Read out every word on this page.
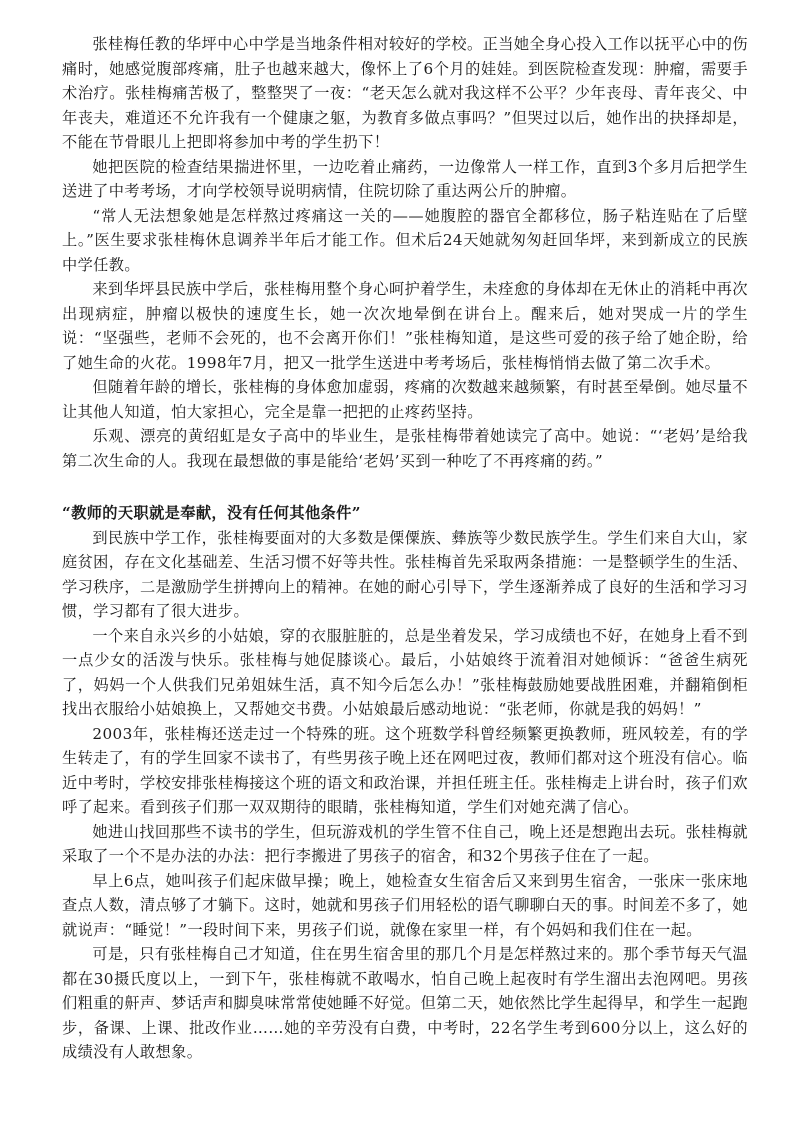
张桂梅任教的华坪中心中学是当地条件相对较好的学校。正当她全身心投入工作以抚平心中的伤痛时，她感觉腹部疼痛，肚子也越来越大，像怀上了6个月的娃娃。到医院检查发现：肿瘤，需要手术治疗。张桂梅痛苦极了，整整哭了一夜：“老天怎么就对我这样不公平？少年丧母、青年丧父、中年丧夫，难道还不允许我有一个健康之躯，为教育多做点事吗？”但哭过以后，她作出的抉择却是，不能在节骨眼儿上把即将参加中考的学生扔下！

她把医院的检查结果揣进怀里，一边吃着止痛药，一边像常人一样工作，直到3个多月后把学生送进了中考考场，才向学校领导说明病情，住院切除了重达两公斤的肿瘤。

“常人无法想象她是怎样熬过疼痛这一关的——她腹腔的器官全都移位，肠子粘连贴在了后壁上。”医生要求张桂梅休息调养半年后才能工作。但术后24天她就匆匆赶回华坪，来到新成立的民族中学任教。

来到华坪县民族中学后，张桂梅用整个身心呵护着学生，未痊愈的身体却在无休止的消耗中再次出现病症，肿瘤以极快的速度生长，她一次次地晕倒在讲台上。醒来后，她对哭成一片的学生说：“坚强些，老师不会死的，也不会离开你们！”张桂梅知道，是这些可爱的孩子给了她企盼，给了她生命的火花。1998年7月，把又一批学生送进中考考场后，张桂梅悄悄去做了第二次手术。

但随着年龄的增长，张桂梅的身体愈加虚弱，疼痛的次数越来越频繁，有时甚至晕倒。她尽量不让其他人知道，怕大家担心，完全是靠一把把的止疼药坚持。

乐观、漂亮的黄绍虹是女子高中的毕业生，是张桂梅带着她读完了高中。她说：“‘老妈’是给我第二次生命的人。我现在最想做的事是能给‘老妈’买到一种吃了不再疼痛的药。”

“教师的天职就是奉献，没有任何其他条件”

到民族中学工作，张桂梅要面对的大多数是傈僳族、彝族等少数民族学生。学生们来自大山，家庭贫困，存在文化基础差、生活习惯不好等共性。张桂梅首先采取两条措施：一是整顿学生的生活、学习秩序，二是激励学生拼搏向上的精神。在她的耐心引导下，学生逐渐养成了良好的生活和学习习惯，学习都有了很大进步。

一个来自永兴乡的小姑娘，穿的衣服脏脏的，总是坐着发呆，学习成绩也不好，在她身上看不到一点少女的活泼与快乐。张桂梅与她促膝谈心。最后，小姑娘终于流着泪对她倾诉：“爸爸生病死了，妈妈一个人供我们兄弟姐妹生活，真不知今后怎么办！”张桂梅鼓励她要战胜困难，并翻箱倒柜找出衣服给小姑娘换上，又帮她交书费。小姑娘最后感动地说：“张老师，你就是我的妈妈！”

2003年，张桂梅还送走过一个特殊的班。这个班数学科曾经频繁更换教师，班风较差，有的学生转走了，有的学生回家不读书了，有些男孩子晚上还在网吧过夜，教师们都对这个班没有信心。临近中考时，学校安排张桂梅接这个班的语文和政治课，并担任班主任。张桂梅走上讲台时，孩子们欢呼了起来。看到孩子们那一双双期待的眼睛，张桂梅知道，学生们对她充满了信心。

她进山找回那些不读书的学生，但玩游戏机的学生管不住自己，晚上还是想跑出去玩。张桂梅就采取了一个不是办法的办法：把行李搬进了男孩子的宿舍，和32个男孩子住在了一起。

早上6点，她叫孩子们起床做早操；晚上，她检查女生宿舍后又来到男生宿舍，一张床一张床地查点人数，清点够了才躺下。这时，她就和男孩子们用轻松的语气聊聊白天的事。时间差不多了，她就说声：“睡觉！”一段时间下来，男孩子们说，就像在家里一样，有个妈妈和我们住在一起。

可是，只有张桂梅自己才知道，住在男生宿舍里的那几个月是怎样熬过来的。那个季节每天气温都在30摄氏度以上，一到下午，张桂梅就不敢喝水，怕自己晚上起夜时有学生溜出去泡网吧。男孩们粗重的鼾声、梦话声和脚臭味常常使她睡不好觉。但第二天，她依然比学生起得早，和学生一起跑步，备课、上课、批改作业……她的辛劳没有白费，中考时，22名学生考到600分以上，这么好的成绩没有人敢想象。
